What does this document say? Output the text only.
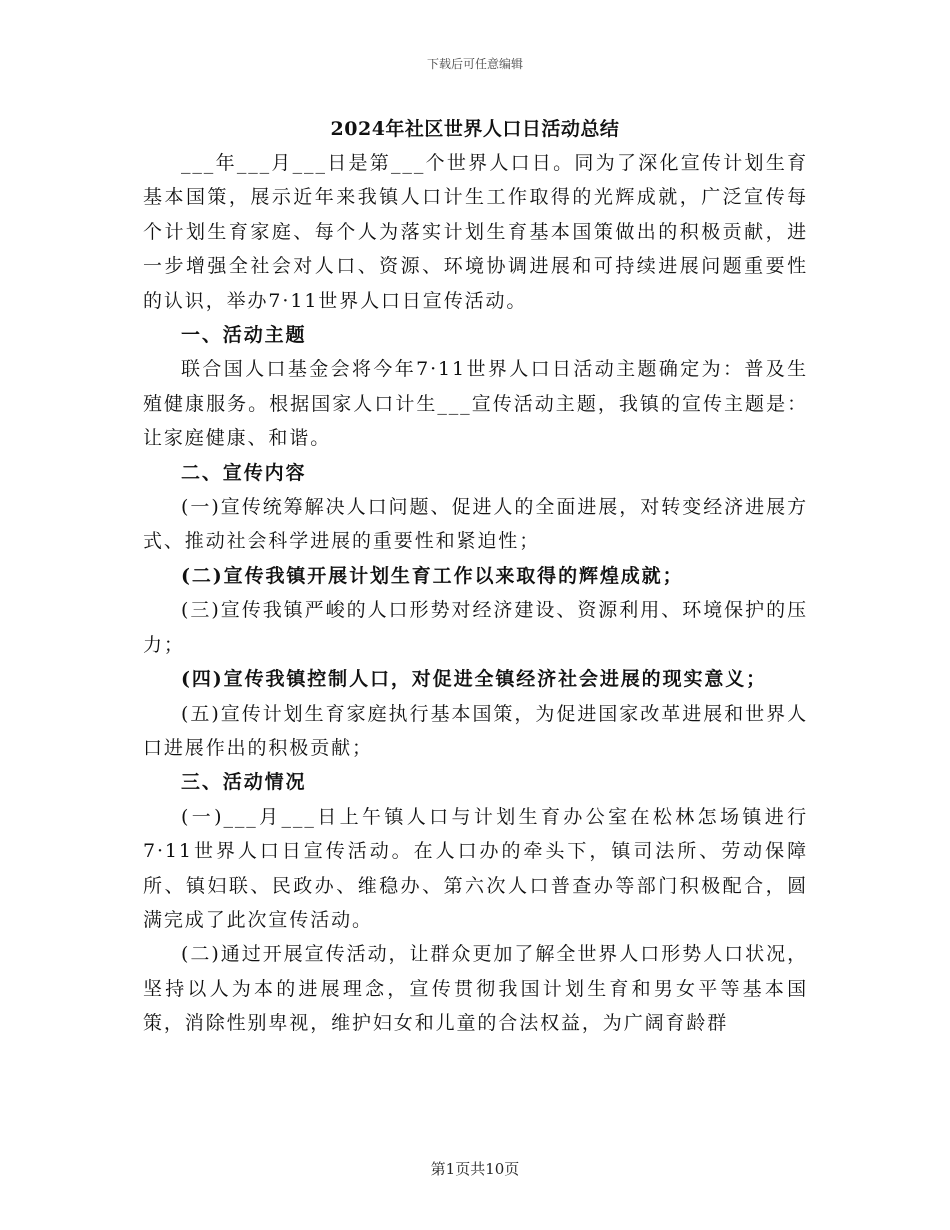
下载后可任意编辑
2024年社区世界人口日活动总结

___年___月___日是第___个世界人口日。同为了深化宣传计划生育基本国策，展示近年来我镇人口计生工作取得的光辉成就，广泛宣传每个计划生育家庭、每个人为落实计划生育基本国策做出的积极贡献，进一步增强全社会对人口、资源、环境协调进展和可持续进展问题重要性的认识，举办7·11世界人口日宣传活动。

一、活动主题

联合国人口基金会将今年7·11世界人口日活动主题确定为：普及生殖健康服务。根据国家人口计生___宣传活动主题，我镇的宣传主题是：让家庭健康、和谐。

二、宣传内容

(一)宣传统筹解决人口问题、促进人的全面进展，对转变经济进展方式、推动社会科学进展的重要性和紧迫性；

(二)宣传我镇开展计划生育工作以来取得的辉煌成就；

(三)宣传我镇严峻的人口形势对经济建设、资源利用、环境保护的压力；

(四)宣传我镇控制人口，对促进全镇经济社会进展的现实意义；

(五)宣传计划生育家庭执行基本国策，为促进国家改革进展和世界人口进展作出的积极贡献；

三、活动情况

(一)___月___日上午镇人口与计划生育办公室在松林怎场镇进行7·11世界人口日宣传活动。在人口办的牵头下，镇司法所、劳动保障所、镇妇联、民政办、维稳办、第六次人口普查办等部门积极配合，圆满完成了此次宣传活动。

(二)通过开展宣传活动，让群众更加了解全世界人口形势人口状况，坚持以人为本的进展理念，宣传贯彻我国计划生育和男女平等基本国策，消除性别卑视，维护妇女和儿童的合法权益，为广阔育龄群

第1页共10页
